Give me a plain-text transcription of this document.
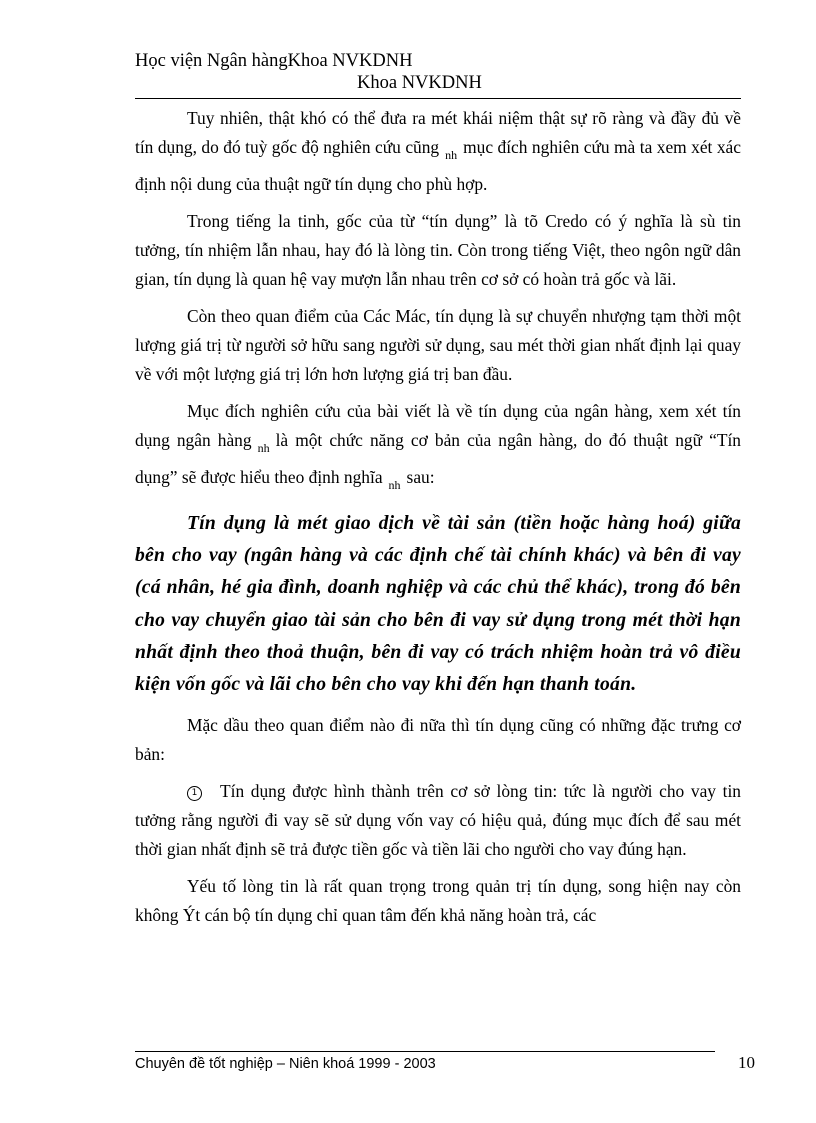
Học viện Ngân hàngKhoa NVKDNH
Khoa NVKDNH

Tuy nhiên, thật khó có thể đưa ra mét khái niệm thật sự rõ ràng và đầy đủ về tín dụng, do đó tuỳ gốc độ nghiên cứu cũng $_{nh}$ mục đích nghiên cứu mà ta xem xét xác định nội dung của thuật ngữ tín dụng cho phù hợp.

Trong tiếng la tinh, gốc của từ “tín dụng” là tõ Credo có ý nghĩa là sù tin tưởng, tín nhiệm lẫn nhau, hay đó là lòng tin. Còn trong tiếng Việt, theo ngôn ngữ dân gian, tín dụng là quan hệ vay mượn lẫn nhau trên cơ sở có hoàn trả gốc và lãi.

Còn theo quan điểm của Các Mác, tín dụng là sự chuyển nhượng tạm thời một lượng giá trị từ người sở hữu sang người sử dụng, sau mét thời gian nhất định lại quay về với một lượng giá trị lớn hơn lượng giá trị ban đầu.

Mục đích nghiên cứu của bài viết là về tín dụng của ngân hàng, xem xét tín dụng ngân hàng $_{nh}$ là một chức năng cơ bản của ngân hàng, do đó thuật ngữ “Tín dụng” sẽ được hiểu theo định nghĩa $_{nh}$ sau:

Tín dụng là mét giao dịch về tài sản (tiền hoặc hàng hoá) giữa bên cho vay (ngân hàng và các định chế tài chính khác) và bên đi vay (cá nhân, hé gia đình, doanh nghiệp và các chủ thể khác), trong đó bên cho vay chuyển giao tài sản cho bên đi vay sử dụng trong mét thời hạn nhất định theo thoả thuận, bên đi vay có trách nhiệm hoàn trả vô điều kiện vốn gốc và lãi cho bên cho vay khi đến hạn thanh toán.

Mặc dầu theo quan điểm nào đi nữa thì tín dụng cũng có những đặc trưng cơ bản:

1 Tín dụng được hình thành trên cơ sở lòng tin: tức là người cho vay tin tưởng rằng người đi vay sẽ sử dụng vốn vay có hiệu quả, đúng mục đích để sau mét thời gian nhất định sẽ trả được tiền gốc và tiền lãi cho người cho vay đúng hạn.

Yếu tố lòng tin là rất quan trọng trong quản trị tín dụng, song hiện nay còn không Ýt cán bộ tín dụng chỉ quan tâm đến khả năng hoàn trả, các

Chuyên đề tốt nghiệp – Niên khoá 1999 - 2003	10
